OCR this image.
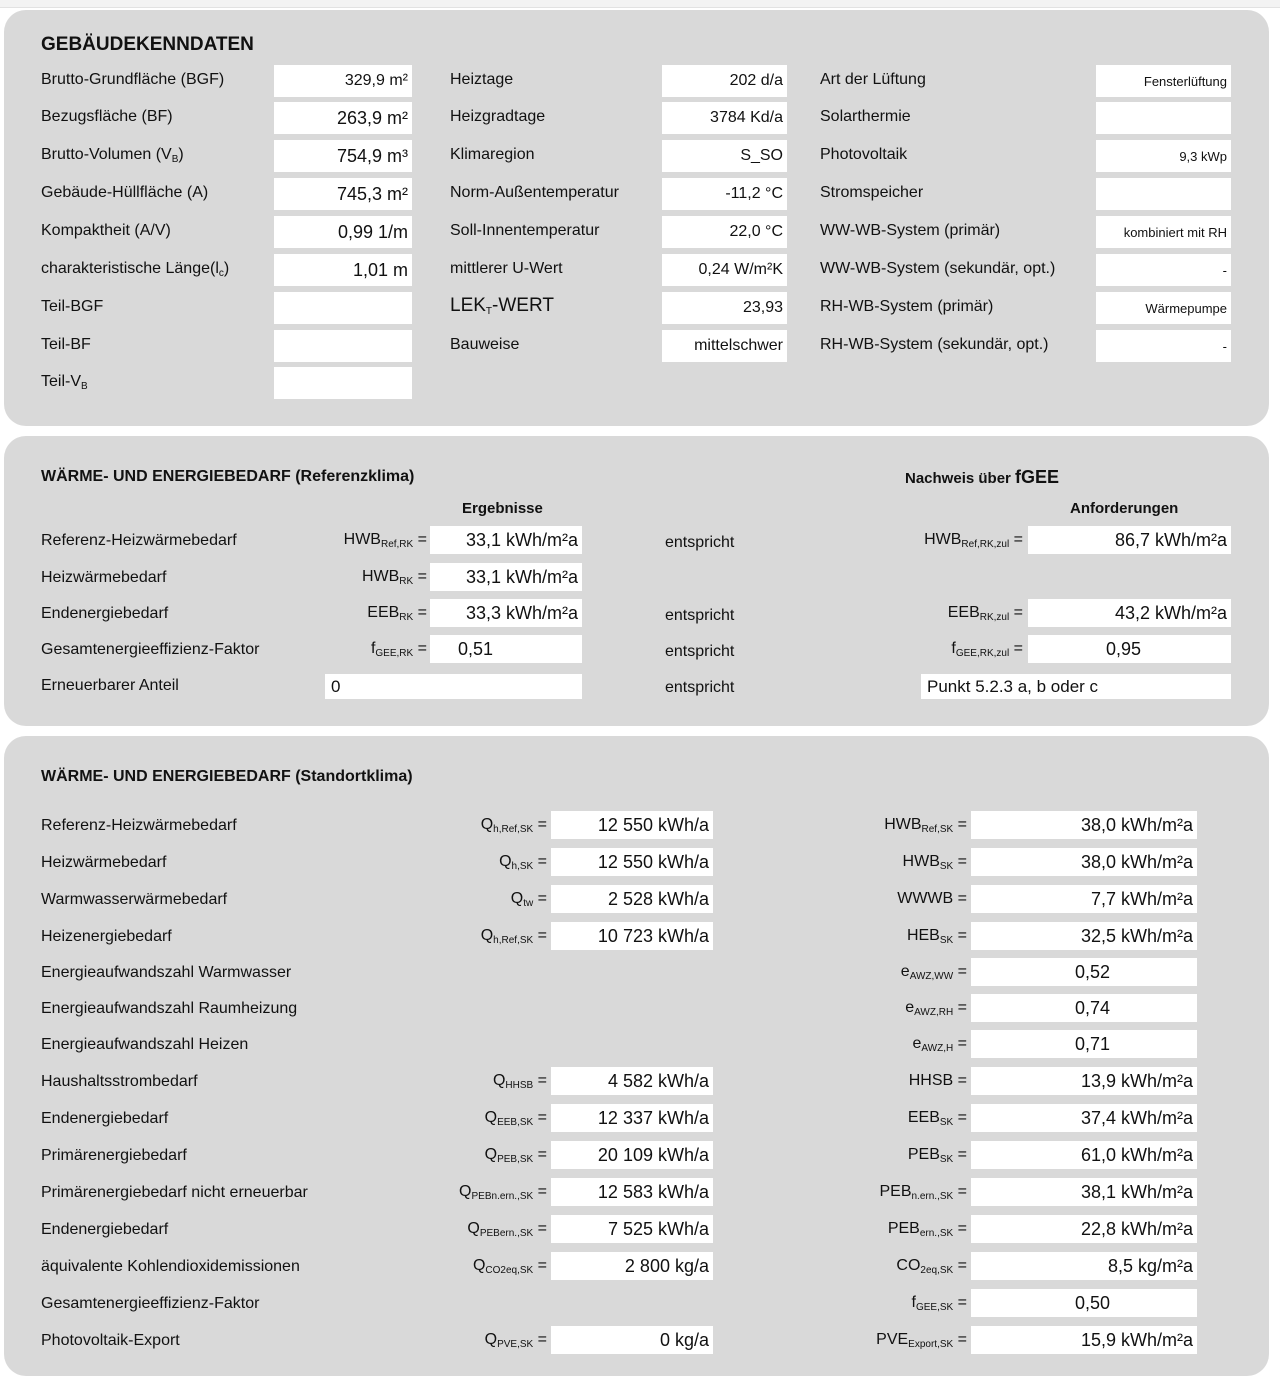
GEBÄUDEKENNDATEN
Brutto-Grundfläche (BGF)	329,9 m²
Bezugsfläche (BF)	263,9 m²
Brutto-Volumen $(V_B)$	754,9 m³
Gebäude-Hüllfläche (A)	745,3 m²
Kompaktheit (A/V)	0,99 1/m
charakteristische $Länge(l_c)$	1,01 m
Teil-BGF
Teil-BF
Teil-$V_B$
Heiztage	202 d/a
Heizgradtage	3784 Kd/a
Klimaregion	S_SO
Norm-Außentemperatur	-11,2 °C
Soll-Innentemperatur	22,0 °C
mittlerer U-Wert	0,24 W/m²K
$LEK_T$-WERT	23,93
Bauweise	mittelschwer
Art der Lüftung	Fensterlüftung
Solarthermie
Photovoltaik	9,3 kWp
Stromspeicher
WW-WB-System (primär)	kombiniert mit RH
WW-WB-System (sekundär, opt.)	-
RH-WB-System (primär)	Wärmepumpe
RH-WB-System (sekundär, opt.)	-
WÄRME- UND ENERGIEBEDARF (Referenzklima)	Nachweis über fGEE
Ergebnisse	Anforderungen
Referenz-Heizwärmebedarf	$HWB_{Ref,RK}$ =	33,1 kWh/m²a	entspricht	$HWB_{Ref,RK,zul}$ =	86,7 kWh/m²a
Heizwärmebedarf	$HWB_{RK}$ =	33,1 kWh/m²a
Endenergiebedarf	$EEB_{RK}$ =	33,3 kWh/m²a	entspricht	$EEB_{RK,zul}$ =	43,2 kWh/m²a
Gesamtenergieeffizienz-Faktor	$f_{GEE,RK}$ =	0,51	entspricht	$f_{GEE,RK,zul}$ =	0,95
Erneuerbarer Anteil	0	entspricht	Punkt 5.2.3 a, b oder c
WÄRME- UND ENERGIEBEDARF (Standortklima)
Referenz-Heizwärmebedarf	$Q_{h,Ref,SK}$ =	12 550 kWh/a	$HWB_{Ref,SK}$ =	38,0 kWh/m²a
Heizwärmebedarf	$Q_{h,SK}$ =	12 550 kWh/a	$HWB_{SK}$ =	38,0 kWh/m²a
Warmwasserwärmebedarf	$Q_{tw}$ =	2 528 kWh/a	WWWB =	7,7 kWh/m²a
Heizenergiebedarf	$Q_{h,Ref,SK}$ =	10 723 kWh/a	$HEB_{SK}$ =	32,5 kWh/m²a
Energieaufwandszahl Warmwasser	$e_{AWZ,WW}$ =	0,52
Energieaufwandszahl Raumheizung	$e_{AWZ,RH}$ =	0,74
Energieaufwandszahl Heizen	$e_{AWZ,H}$ =	0,71
Haushaltsstrombedarf	$Q_{HHSB}$ =	4 582 kWh/a	HHSB =	13,9 kWh/m²a
Endenergiebedarf	$Q_{EEB,SK}$ =	12 337 kWh/a	$EEB_{SK}$ =	37,4 kWh/m²a
Primärenergiebedarf	$Q_{PEB,SK}$ =	20 109 kWh/a	$PEB_{SK}$ =	61,0 kWh/m²a
Primärenergiebedarf nicht erneuerbar	$Q_{PEBn.ern.,SK}$ =	12 583 kWh/a	$PEB_{n.ern.,SK}$ =	38,1 kWh/m²a
Endenergiebedarf	$Q_{PEBern.,SK}$ =	7 525 kWh/a	$PEB_{ern.,SK}$ =	22,8 kWh/m²a
äquivalente Kohlendioxidemissionen	$Q_{CO2eq,SK}$ =	2 800 kg/a	$CO_{2eq,SK}$ =	8,5 kg/m²a
Gesamtenergieeffizienz-Faktor	$f_{GEE,SK}$ =	0,50
Photovoltaik-Export	$Q_{PVE,SK}$ =	0 kg/a	$PVE_{Export,SK}$ =	15,9 kWh/m²a
